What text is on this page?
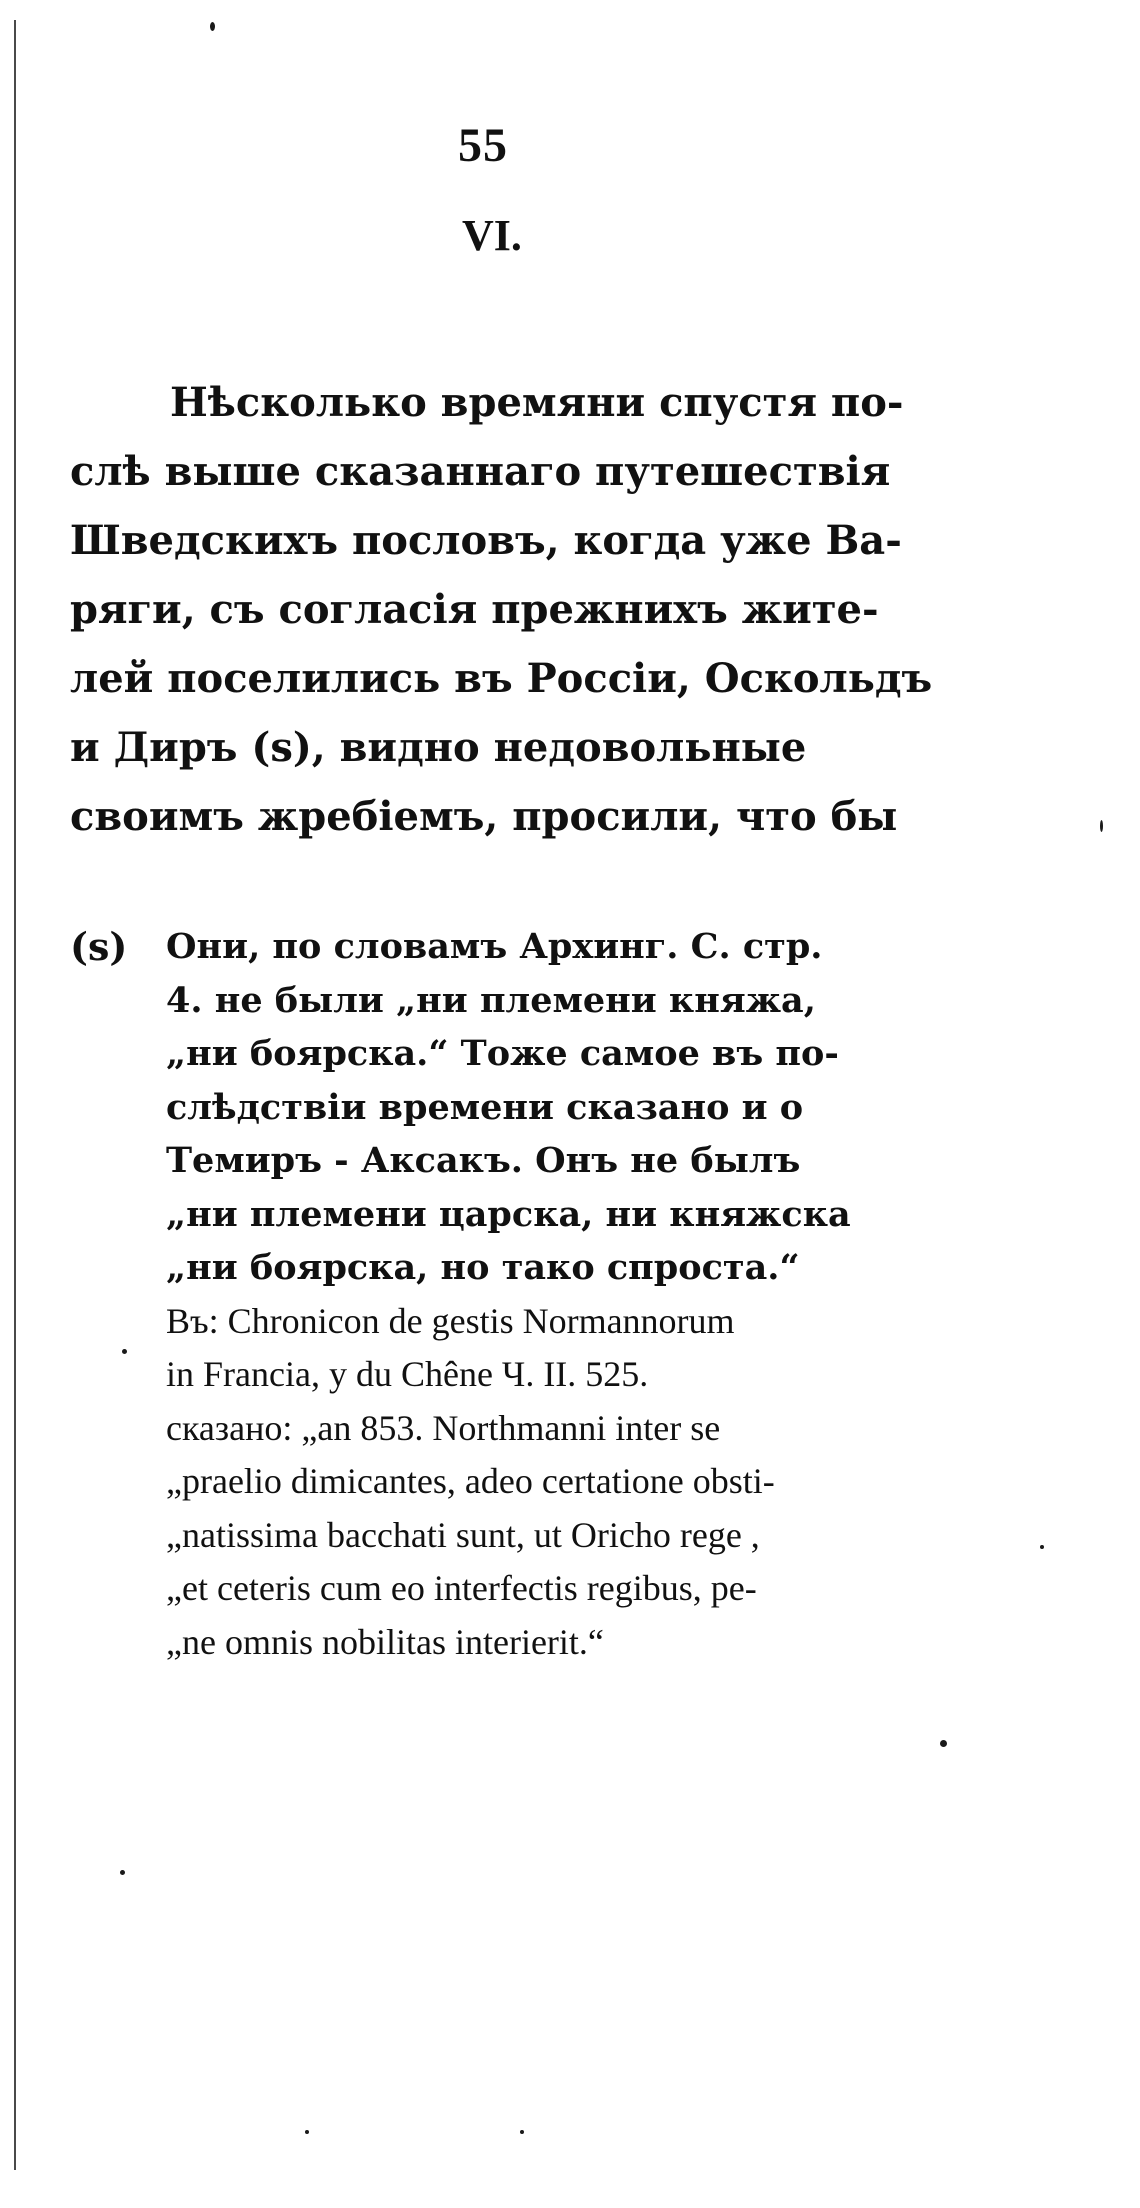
55
VI.
Нѣсколько времяни спустя по-
слѣ выше сказаннаго путешествія
Шведскихъ пословъ, когда уже Ва-
ряги, съ согласія прежнихъ жите-
лей поселились въ Россіи, Оскольдъ
и Диръ (s), видно недовольные
своимъ жребіемъ, просили, что бы
(s) Они, по словамъ Архинг. С. стр.
4. не были „ни племени княжа,
„ни боярска.“ Тоже самое въ по-
слѣдствіи времени сказано и о
Темиръ - Аксакъ. Онъ не былъ
„ни племени царска, ни княжска
„ни боярска, но тако спроста.“
Въ: Chronicon de gestis Normannorum
in Francia, y du Chêne Ч. II. 525.
сказано: „an 853. Northmanni inter se
„praelio dimicantes, adeo certatione obsti-
„natissima bacchati sunt, ut Oricho rege ,
„et ceteris cum eo interfectis regibus, pe-
„ne omnis nobilitas interierit.“
